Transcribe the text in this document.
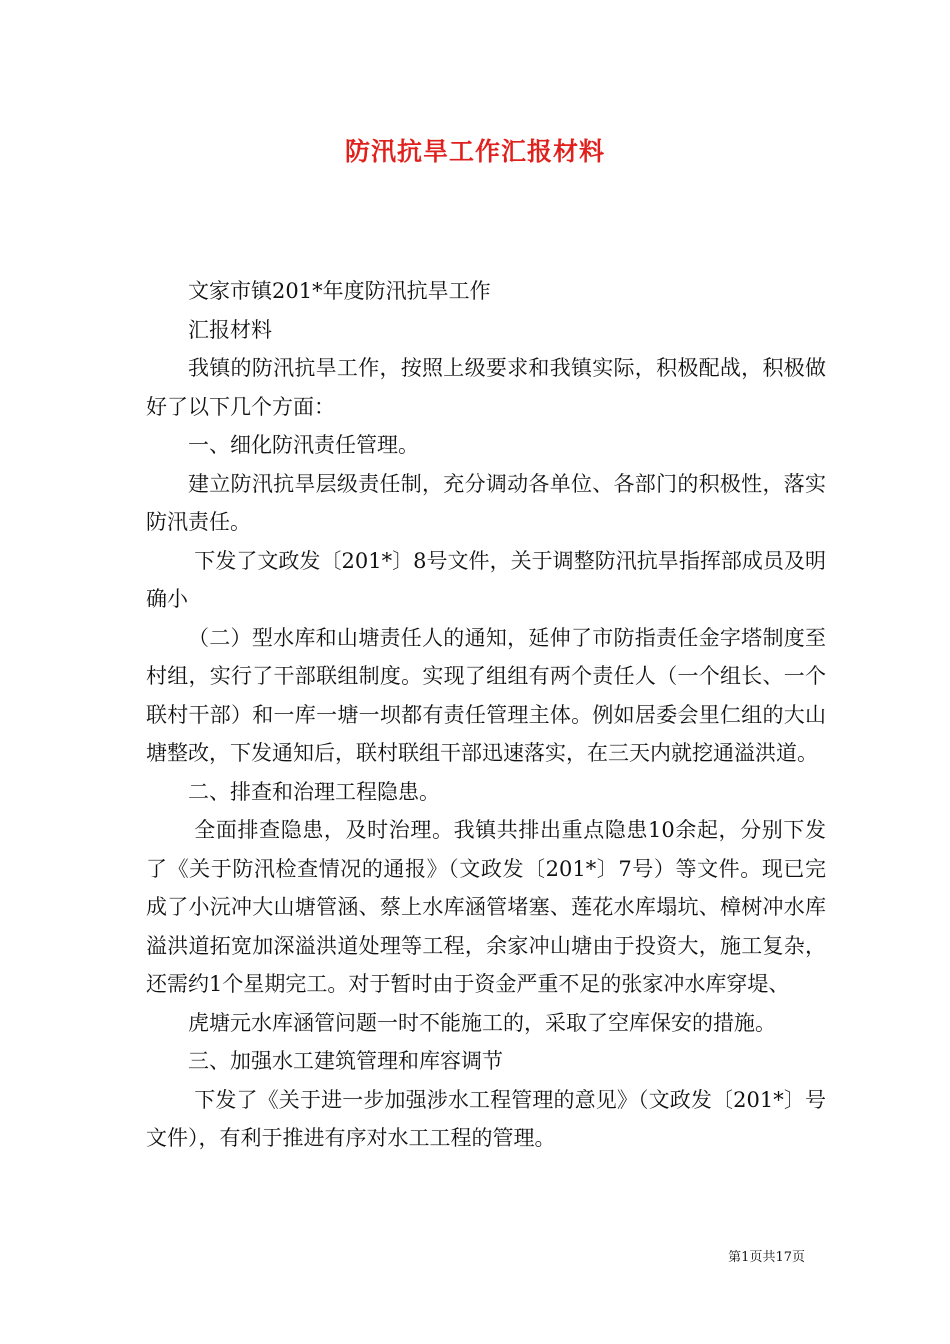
防汛抗旱工作汇报材料

文家市镇201*年度防汛抗旱工作

汇报材料

我镇的防汛抗旱工作，按照上级要求和我镇实际，积极配战，积极做好了以下几个方面：

一、细化防汛责任管理。

建立防汛抗旱层级责任制，充分调动各单位、各部门的积极性，落实防汛责任。

下发了文政发〔201*〕8号文件，关于调整防汛抗旱指挥部成员及明确小

（二）型水库和山塘责任人的通知，延伸了市防指责任金字塔制度至村组，实行了干部联组制度。实现了组组有两个责任人（一个组长、一个联村干部）和一库一塘一坝都有责任管理主体。例如居委会里仁组的大山塘整改，下发通知后，联村联组干部迅速落实，在三天内就挖通溢洪道。

二、排查和治理工程隐患。

全面排查隐患，及时治理。我镇共排出重点隐患10余起，分别下发了《关于防汛检查情况的通报》（文政发〔201*〕7号）等文件。现已完成了小沅冲大山塘管涵、蔡上水库涵管堵塞、莲花水库塌坑、樟树冲水库溢洪道拓宽加深溢洪道处理等工程，余家冲山塘由于投资大，施工复杂，还需约1个星期完工。对于暂时由于资金严重不足的张家冲水库穿堤、

虎塘元水库涵管问题一时不能施工的，采取了空库保安的措施。

三、加强水工建筑管理和库容调节

下发了《关于进一步加强涉水工程管理的意见》（文政发〔201*〕号文件），有利于推进有序对水工工程的管理。

第1页共17页
